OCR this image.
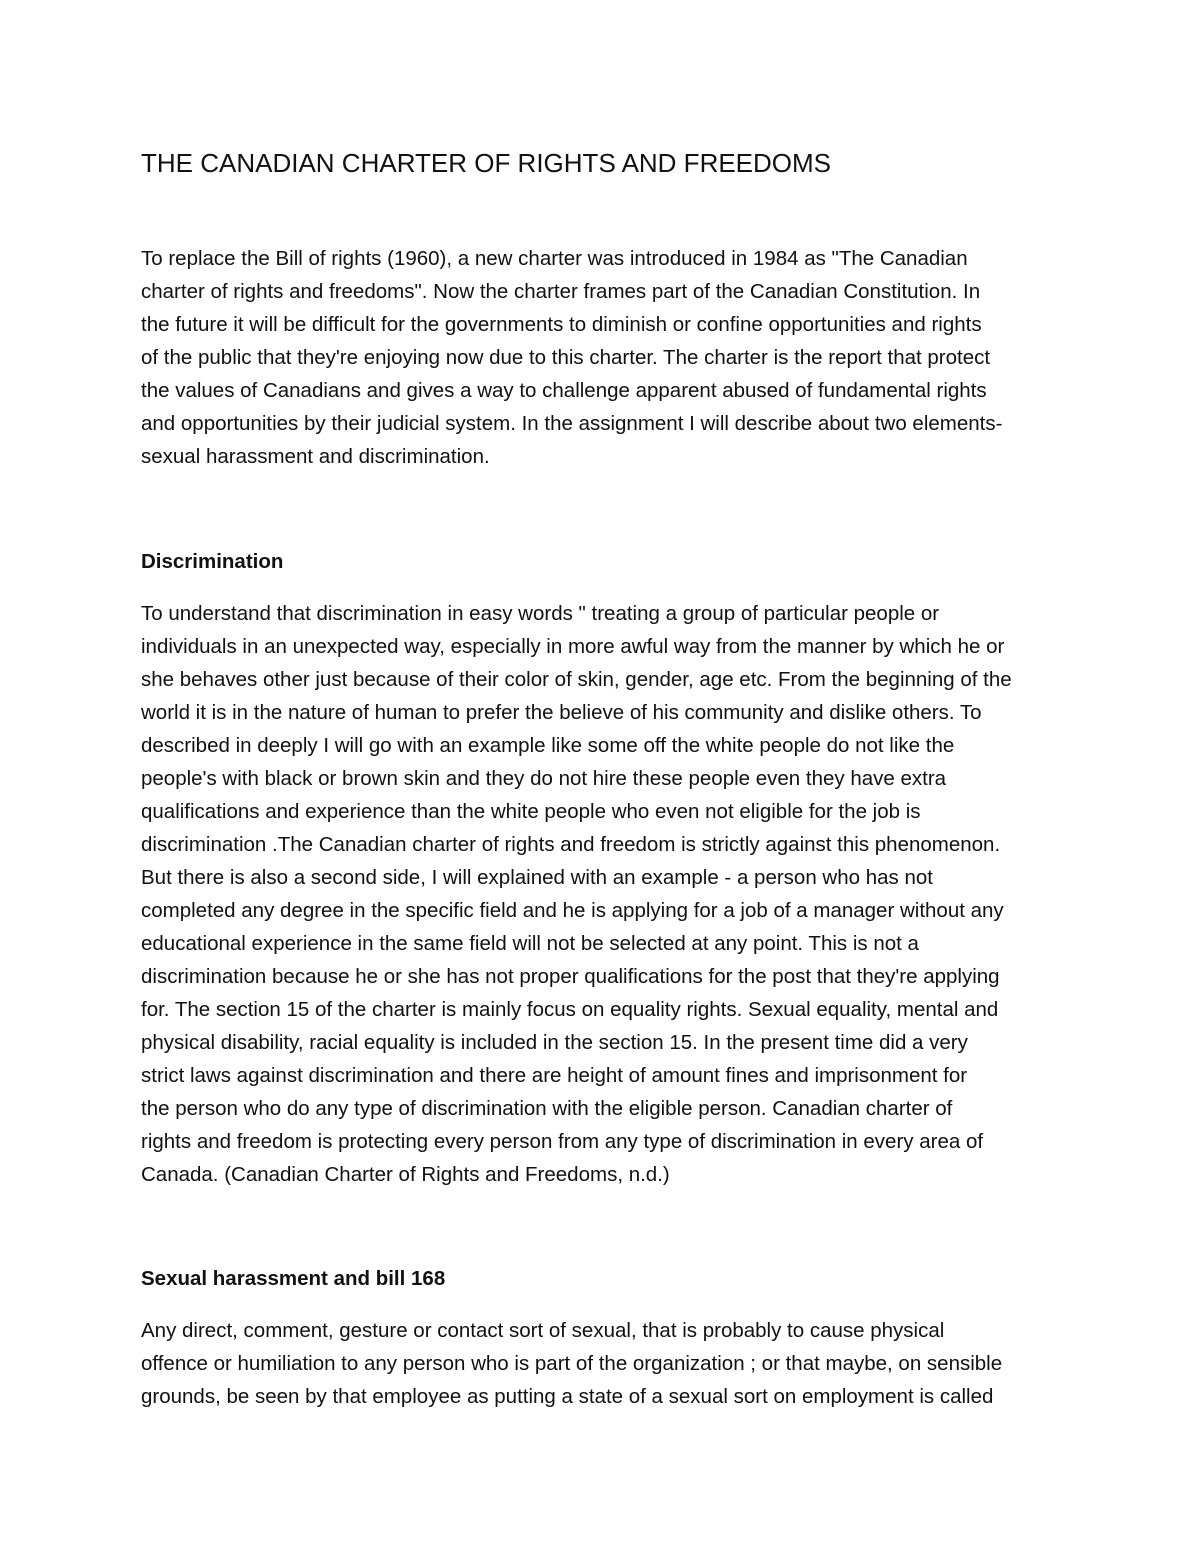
THE CANADIAN CHARTER OF RIGHTS AND FREEDOMS
To replace the Bill of rights (1960), a new charter was introduced in 1984 as "The Canadian
charter of rights and freedoms". Now the charter frames part of the Canadian Constitution. In
the future it will be difficult for the governments to diminish or confine opportunities and rights
of the public that they're enjoying now due to this charter. The charter is the report that protect
the values of Canadians and gives a way to challenge apparent abused of fundamental rights
and opportunities by their judicial system. In the assignment I will describe about two elements-
sexual harassment and discrimination.
Discrimination
To understand that discrimination in easy words " treating a group of particular people or
individuals in an unexpected way, especially in more awful way from the manner by which he or
she behaves other just because of their color of skin, gender, age etc. From the beginning of the
world it is in the nature of human to prefer the believe of his community and dislike others. To
described in deeply I will go with an example like some off the white people do not like the
people's with black or brown skin and they do not hire these people even they have extra
qualifications and experience than the white people who even not eligible for the job is
discrimination .The Canadian charter of rights and freedom is strictly against this phenomenon.
But there is also a second side, I will explained with an example - a person who has not
completed any degree in the specific field and he is applying for a job of a manager without any
educational experience in the same field will not be selected at any point. This is not a
discrimination because he or she has not proper qualifications for the post that they're applying
for. The section 15 of the charter is mainly focus on equality rights. Sexual equality, mental and
physical disability, racial equality is included in the section 15. In the present time did a very
strict laws against discrimination and there are height of amount fines and imprisonment for
the person who do any type of discrimination with the eligible person. Canadian charter of
rights and freedom is protecting every person from any type of discrimination in every area of
Canada. (Canadian Charter of Rights and Freedoms, n.d.)
Sexual harassment and bill 168
Any direct, comment, gesture or contact sort of sexual, that is probably to cause physical
offence or humiliation to any person who is part of the organization ; or that maybe, on sensible
grounds, be seen by that employee as putting a state of a sexual sort on employment is called
